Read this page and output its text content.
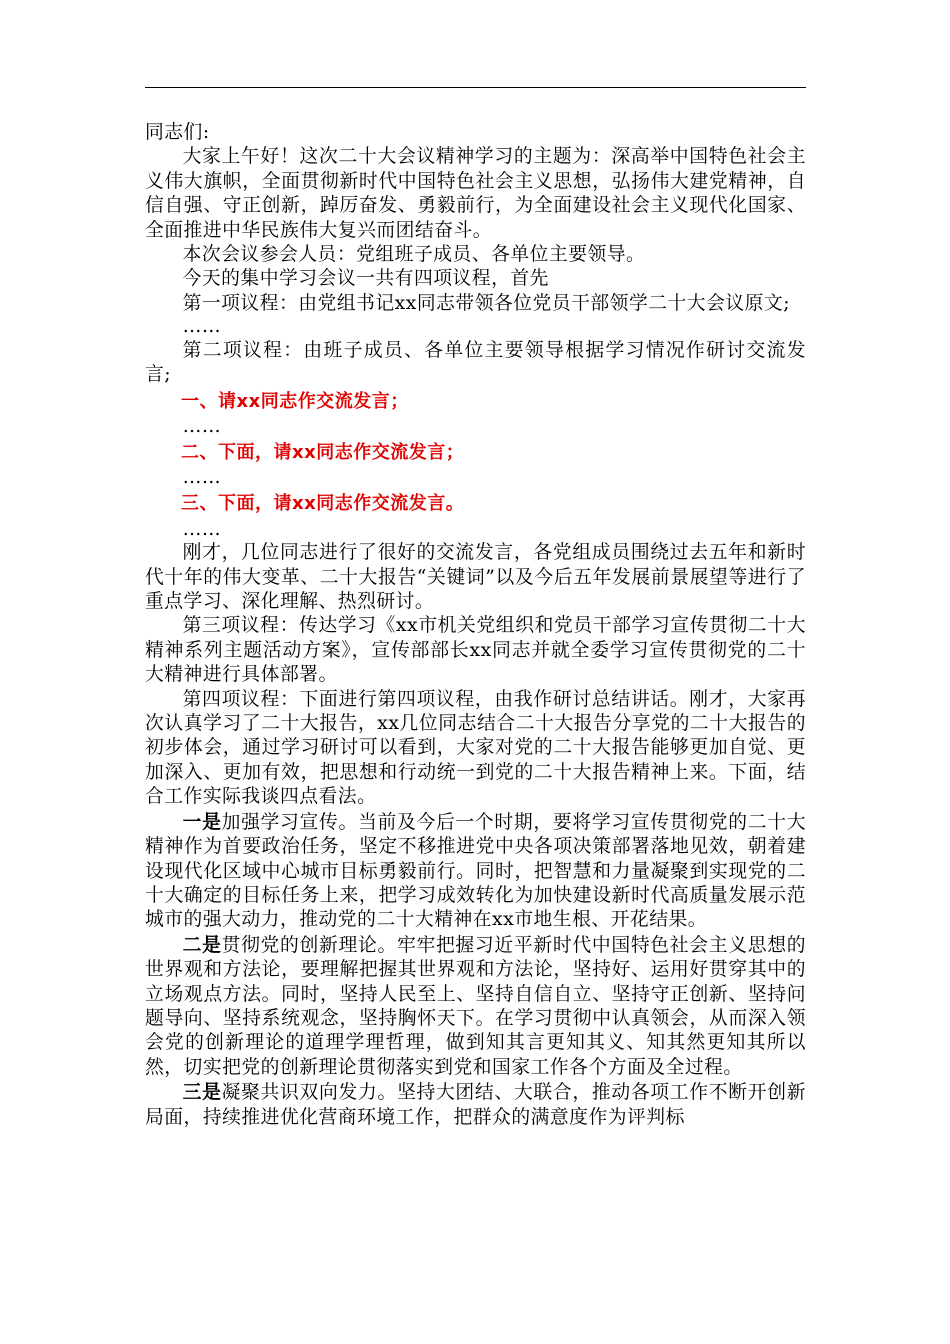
同志们:

大家上午好！这次二十大会议精神学习的主题为：深高举中国特色社会主义伟大旗帜，全面贯彻新时代中国特色社会主义思想，弘扬伟大建党精神，自信自强、守正创新，踔厉奋发、勇毅前行，为全面建设社会主义现代化国家、全面推进中华民族伟大复兴而团结奋斗。

本次会议参会人员：党组班子成员、各单位主要领导。

今天的集中学习会议一共有四项议程，首先

第一项议程：由党组书记xx同志带领各位党员干部领学二十大会议原文;

……

第二项议程：由班子成员、各单位主要领导根据学习情况作研讨交流发言;

一、请xx同志作交流发言；

……

二、下面，请xx同志作交流发言；

……

三、下面，请xx同志作交流发言。

……

刚才，几位同志进行了很好的交流发言，各党组成员围绕过去五年和新时代十年的伟大变革、二十大报告“关键词”以及今后五年发展前景展望等进行了重点学习、深化理解、热烈研讨。

第三项议程：传达学习《xx市机关党组织和党员干部学习宣传贯彻二十大精神系列主题活动方案》，宣传部部长xx同志并就全委学习宣传贯彻党的二十大精神进行具体部署。

第四项议程：下面进行第四项议程，由我作研讨总结讲话。刚才，大家再次认真学习了二十大报告，xx几位同志结合二十大报告分享党的二十大报告的初步体会，通过学习研讨可以看到，大家对党的二十大报告能够更加自觉、更加深入、更加有效，把思想和行动统一到党的二十大报告精神上来。下面，结合工作实际我谈四点看法。

一是加强学习宣传。当前及今后一个时期，要将学习宣传贯彻党的二十大精神作为首要政治任务，坚定不移推进党中央各项决策部署落地见效，朝着建设现代化区域中心城市目标勇毅前行。同时，把智慧和力量凝聚到实现党的二十大确定的目标任务上来，把学习成效转化为加快建设新时代高质量发展示范城市的强大动力，推动党的二十大精神在xx市地生根、开花结果。

二是贯彻党的创新理论。牢牢把握习近平新时代中国特色社会主义思想的世界观和方法论，要理解把握其世界观和方法论，坚持好、运用好贯穿其中的立场观点方法。同时，坚持人民至上、坚持自信自立、坚持守正创新、坚持问题导向、坚持系统观念，坚持胸怀天下。在学习贯彻中认真领会，从而深入领会党的创新理论的道理学理哲理，做到知其言更知其义、知其然更知其所以然，切实把党的创新理论贯彻落实到党和国家工作各个方面及全过程。

三是凝聚共识双向发力。坚持大团结、大联合，推动各项工作不断开创新局面，持续推进优化营商环境工作，把群众的满意度作为评判标
